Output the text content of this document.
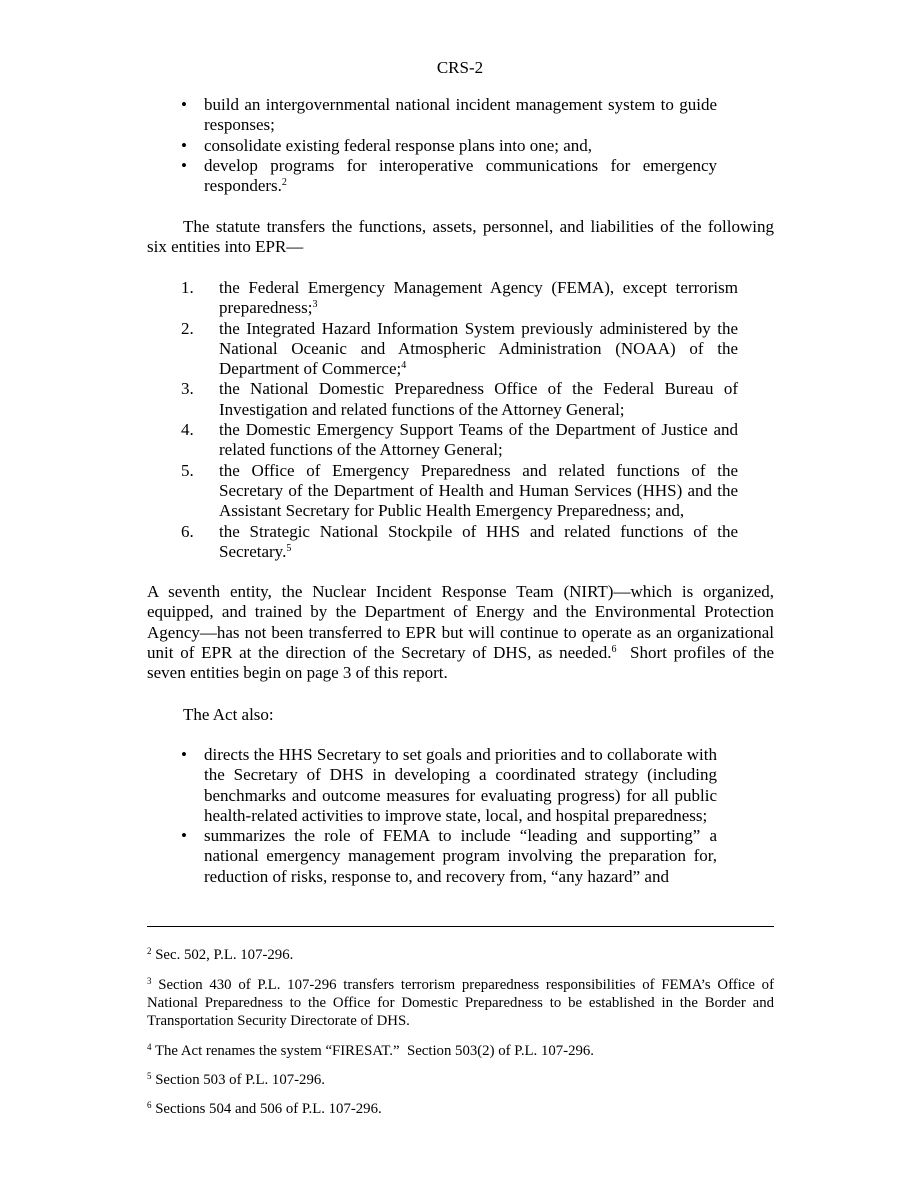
CRS-2
• build an intergovernmental national incident management system to guide responses;
• consolidate existing federal response plans into one; and,
• develop programs for interoperative communications for emergency responders.$^2$
The statute transfers the functions, assets, personnel, and liabilities of the following six entities into EPR—
1. the Federal Emergency Management Agency (FEMA), except terrorism preparedness;$^3$
2. the Integrated Hazard Information System previously administered by the National Oceanic and Atmospheric Administration (NOAA) of the Department of Commerce;$^4$
3. the National Domestic Preparedness Office of the Federal Bureau of Investigation and related functions of the Attorney General;
4. the Domestic Emergency Support Teams of the Department of Justice and related functions of the Attorney General;
5. the Office of Emergency Preparedness and related functions of the Secretary of the Department of Health and Human Services (HHS) and the Assistant Secretary for Public Health Emergency Preparedness; and,
6. the Strategic National Stockpile of HHS and related functions of the Secretary.$^5$
A seventh entity, the Nuclear Incident Response Team (NIRT)—which is organized, equipped, and trained by the Department of Energy and the Environmental Protection Agency—has not been transferred to EPR but will continue to operate as an organizational unit of EPR at the direction of the Secretary of DHS, as needed.$^6$  Short profiles of the seven entities begin on page 3 of this report.
The Act also:
• directs the HHS Secretary to set goals and priorities and to collaborate with the Secretary of DHS in developing a coordinated strategy (including benchmarks and outcome measures for evaluating progress) for all public health-related activities to improve state, local, and hospital preparedness;
• summarizes the role of FEMA to include “leading and supporting” a national emergency management program involving the preparation for, reduction of risks, response to, and recovery from, “any hazard” and
$^2$ Sec. 502, P.L. 107-296.
$^3$ Section 430 of P.L. 107-296 transfers terrorism preparedness responsibilities of FEMA’s Office of National Preparedness to the Office for Domestic Preparedness to be established in the Border and Transportation Security Directorate of DHS.
$^4$ The Act renames the system “FIRESAT.”  Section 503(2) of P.L. 107-296.
$^5$ Section 503 of P.L. 107-296.
$^6$ Sections 504 and 506 of P.L. 107-296.
